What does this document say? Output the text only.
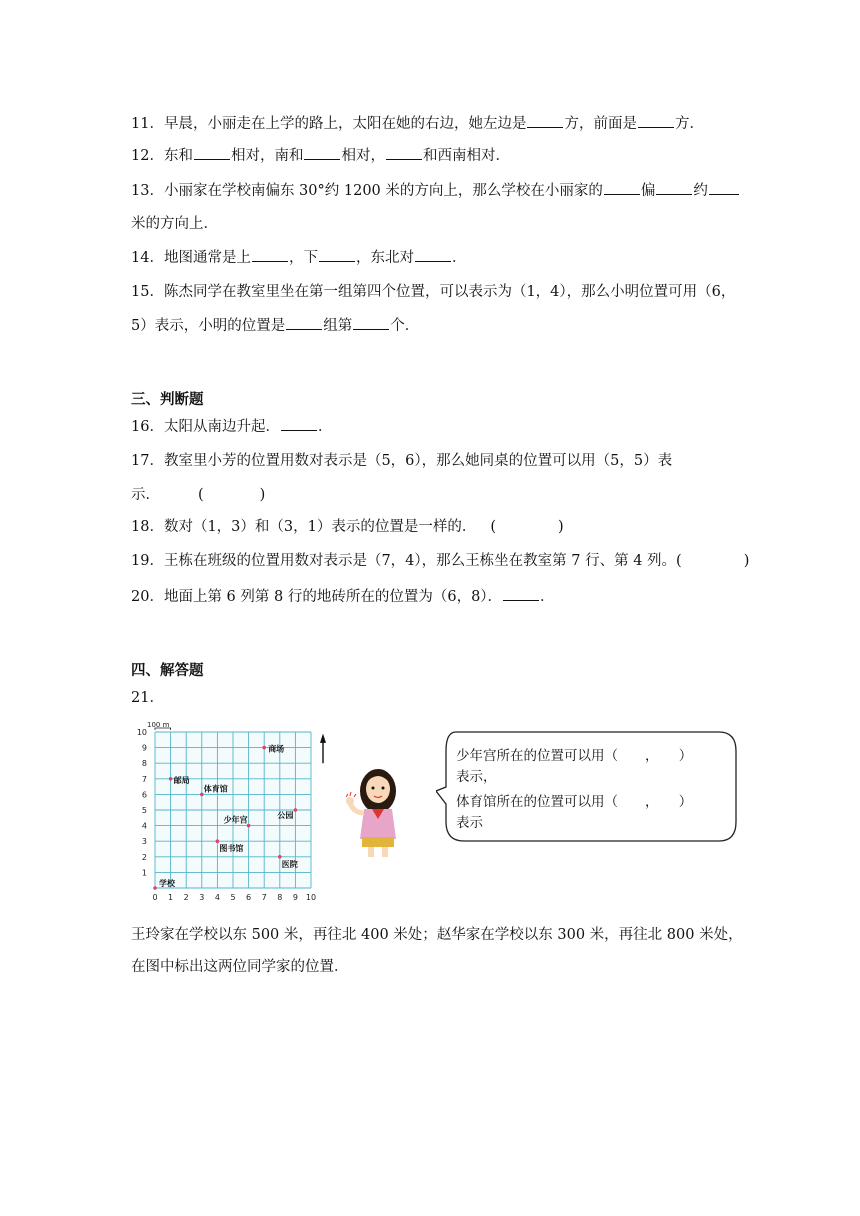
11．早晨，小丽走在上学的路上，太阳在她的右边，她左边是	方，前面是	方．
12．东和	相对，南和	相对，	和西南相对．
13．小丽家在学校南偏东 30°约 1200 米的方向上，那么学校在小丽家的	偏	约
米的方向上．
14．地图通常是上	，下	，东北对	．
15．陈杰同学在教室里坐在第一组第四个位置，可以表示为（1，4），那么小明位置可用（6，
5）表示，小明的位置是	组第	个．
三、判断题
16．太阳从南边升起．	．
17．教室里小芳的位置用数对表示是（5，6），那么她同桌的位置可以用（5，5）表
示．	(	)
18．数对（1，3）和（3，1）表示的位置是一样的． (	)
19．王栋在班级的位置用数对表示是（7，4），那么王栋坐在教室第 7 行、第 4 列。(	)
20．地面上第 6 列第 8 行的地砖所在的位置为（6，8）．	．
四、解答题
21．
0 1 2 3 4 5 6 7 8 9 10
1
2
3
4
5
6
7
8
9
10
100 m
学校
邮局
体育馆
商场
公园
少年宫
图书馆
医院
少年宫所在的位置可以用（　　，　　）
表示，
体育馆所在的位置可以用（　　，　　）
表示
王玲家在学校以东 500 米，再往北 400 米处；赵华家在学校以东 300 米，再往北 800 米处，
在图中标出这两位同学家的位置．
